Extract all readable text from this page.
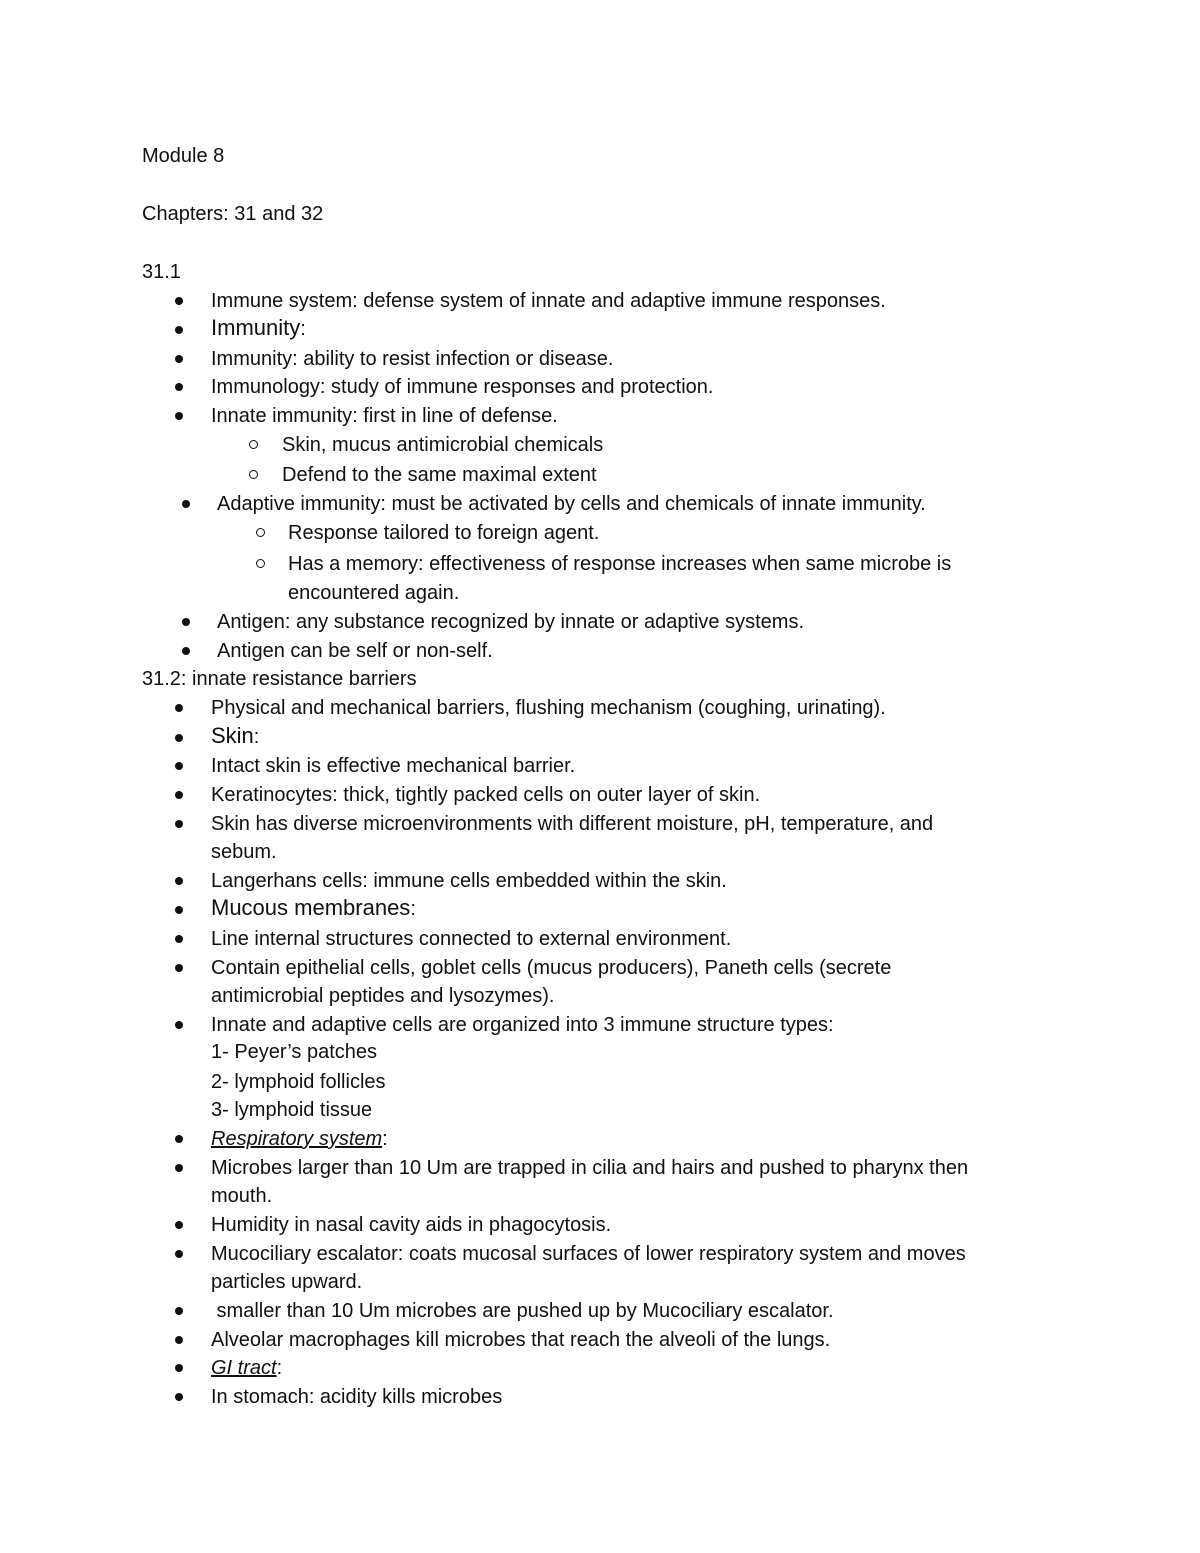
Module 8
Chapters: 31 and 32
31.1
Immune system: defense system of innate and adaptive immune responses.
Immunity:
Immunity: ability to resist infection or disease.
Immunology: study of immune responses and protection.
Innate immunity: first in line of defense.
Skin, mucus antimicrobial chemicals
Defend to the same maximal extent
Adaptive immunity: must be activated by cells and chemicals of innate immunity.
Response tailored to foreign agent.
Has a memory: effectiveness of response increases when same microbe is
encountered again.
Antigen: any substance recognized by innate or adaptive systems.
Antigen can be self or non-self.
31.2: innate resistance barriers
Physical and mechanical barriers, flushing mechanism (coughing, urinating).
Skin:
Intact skin is effective mechanical barrier.
Keratinocytes: thick, tightly packed cells on outer layer of skin.
Skin has diverse microenvironments with different moisture, pH, temperature, and
sebum.
Langerhans cells: immune cells embedded within the skin.
Mucous membranes:
Line internal structures connected to external environment.
Contain epithelial cells, goblet cells (mucus producers), Paneth cells (secrete
antimicrobial peptides and lysozymes).
Innate and adaptive cells are organized into 3 immune structure types:
1- Peyer’s patches
2- lymphoid follicles
3- lymphoid tissue
Respiratory system:
Microbes larger than 10 Um are trapped in cilia and hairs and pushed to pharynx then
mouth.
Humidity in nasal cavity aids in phagocytosis.
Mucociliary escalator: coats mucosal surfaces of lower respiratory system and moves
particles upward.
smaller than 10 Um microbes are pushed up by Mucociliary escalator.
Alveolar macrophages kill microbes that reach the alveoli of the lungs.
GI tract:
In stomach: acidity kills microbes
